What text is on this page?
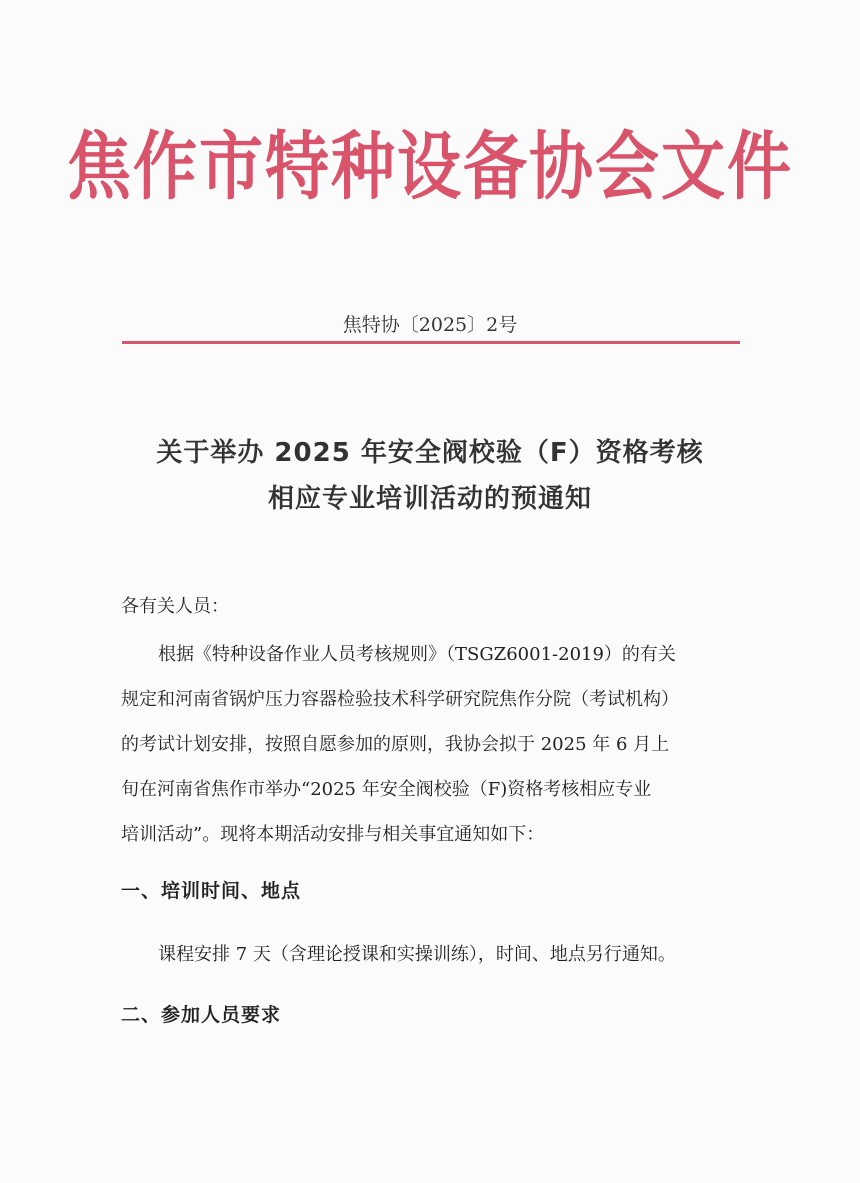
焦作市特种设备协会文件
焦特协〔2025〕2号
关于举办 2025 年安全阀校验（F）资格考核
相应专业培训活动的预通知
各有关人员：
根据《特种设备作业人员考核规则》（TSGZ6001-2019）的有关
规定和河南省锅炉压力容器检验技术科学研究院焦作分院（考试机构）
的考试计划安排，按照自愿参加的原则，我协会拟于 2025 年 6 月上
旬在河南省焦作市举办“2025 年安全阀校验（F)资格考核相应专业
培训活动”。现将本期活动安排与相关事宜通知如下：
一、培训时间、地点
课程安排 7 天（含理论授课和实操训练），时间、地点另行通知。
二、参加人员要求
